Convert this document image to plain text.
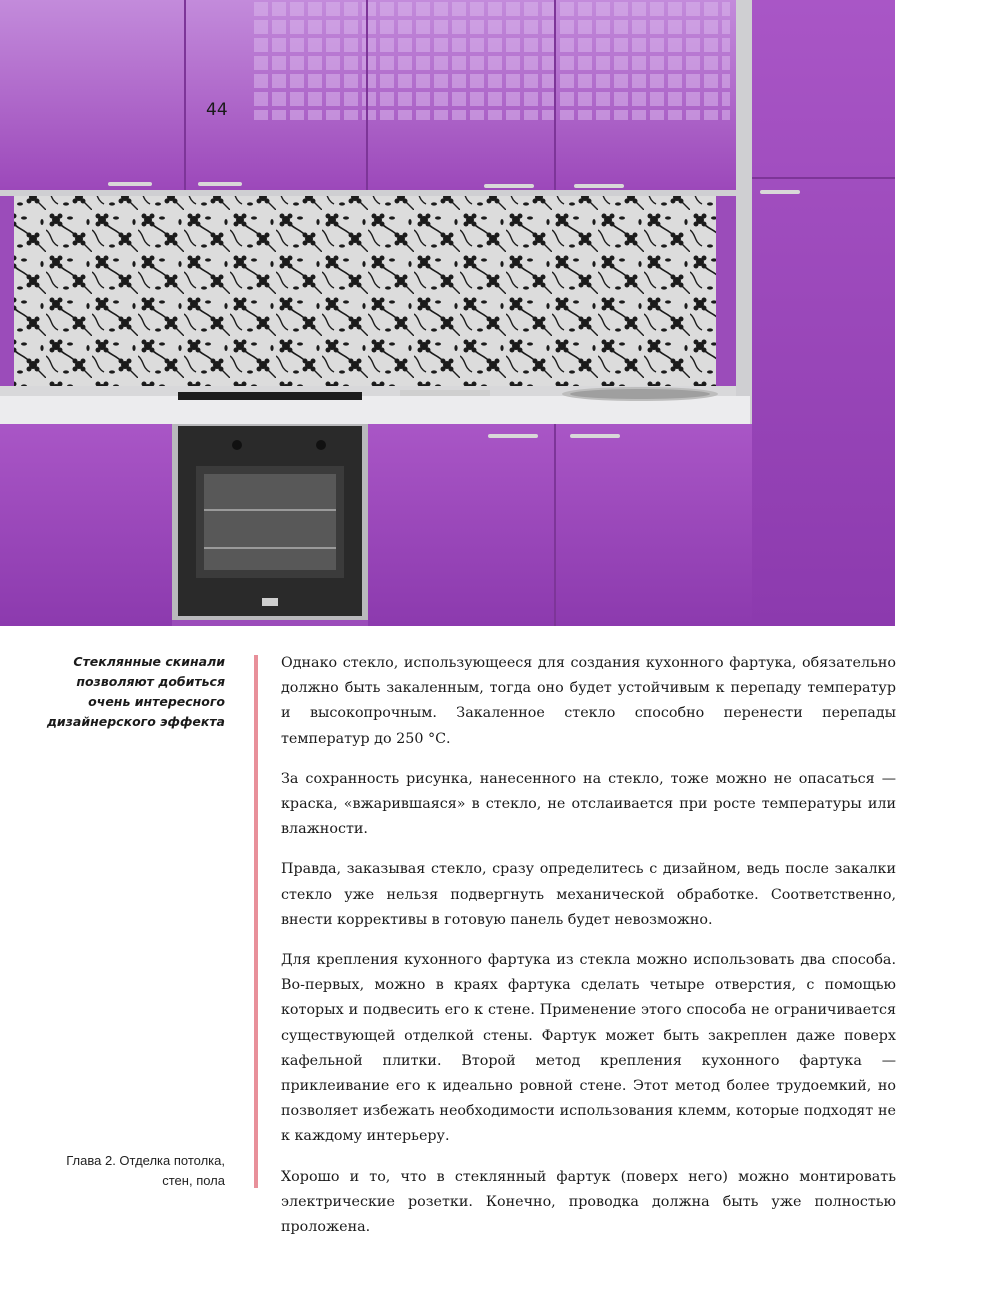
44
Стеклянные скинали позволяют добиться очень интересного дизайнерского эффекта
Глава 2. Отделка потолка, стен, пола

Однако стекло, использующееся для создания кухонного фартука, обязательно должно быть закаленным, тогда оно будет устойчивым к перепаду температур и высокопрочным. Закаленное стекло способно перенести перепады температур до 250 °С.

За сохранность рисунка, нанесенного на стекло, тоже можно не опасаться — краска, «вжарившаяся» в стекло, не отслаивается при росте температуры или влажности.

Правда, заказывая стекло, сразу определитесь с дизайном, ведь после закалки стекло уже нельзя подвергнуть механической обработке. Соответственно, внести коррективы в готовую панель будет невозможно.

Для крепления кухонного фартука из стекла можно использовать два способа. Во-первых, можно в краях фартука сделать четыре отверстия, с помощью которых и подвесить его к стене. Применение этого способа не ограничивается существующей отделкой стены. Фартук может быть закреплен даже поверх кафельной плитки. Второй метод крепления кухонного фартука — приклеивание его к идеально ровной стене. Этот метод более трудоемкий, но позволяет избежать необходимости использования клемм, которые подходят не к каждому интерьеру.

Хорошо и то, что в стеклянный фартук (поверх него) можно монтировать электрические розетки. Конечно, проводка должна быть уже полностью проложена.
